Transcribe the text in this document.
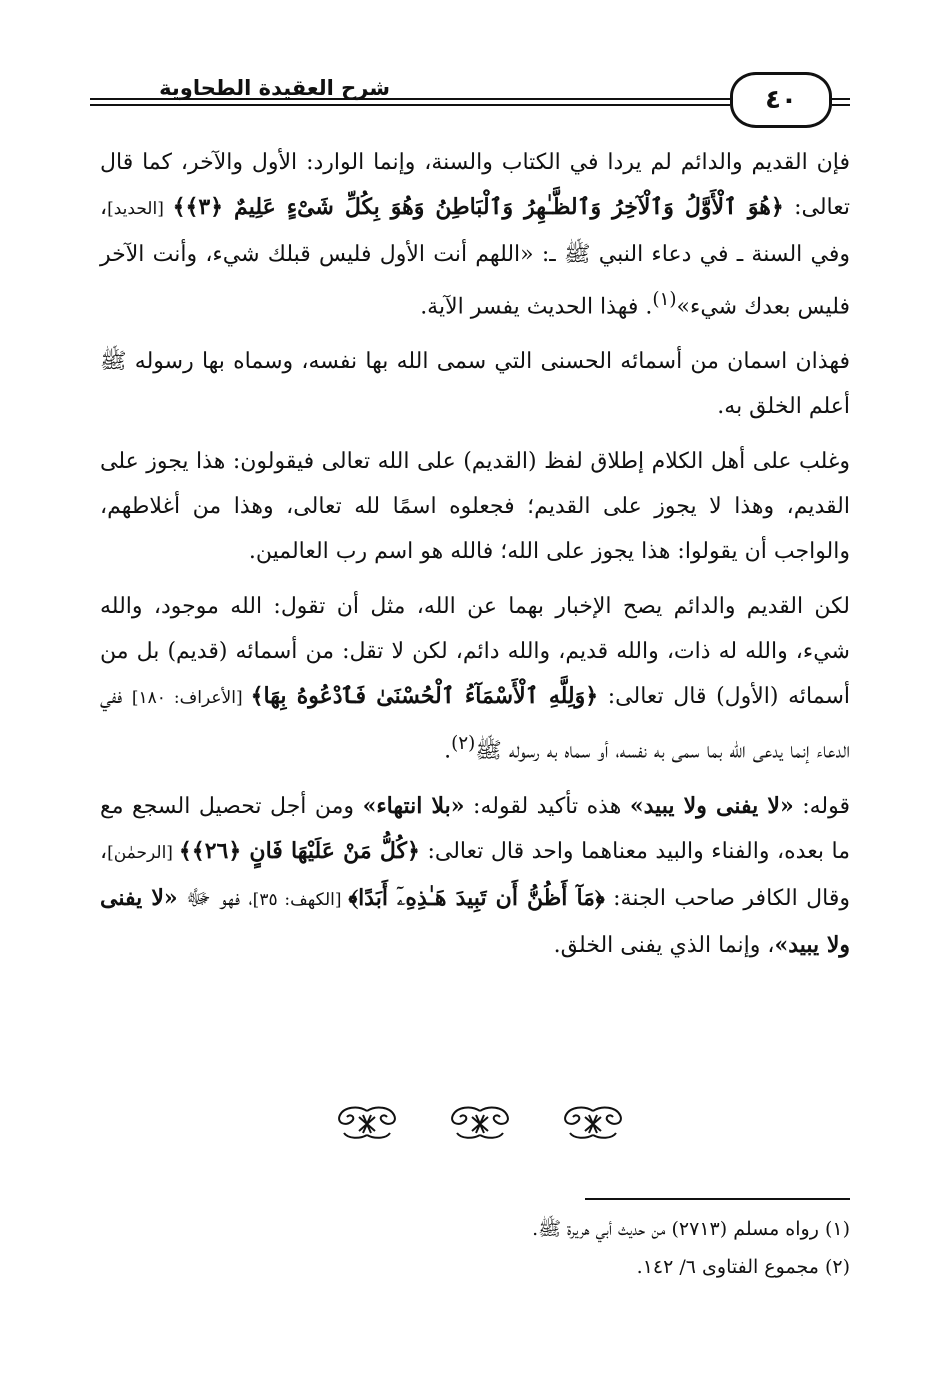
شرح العقيدة الطحاوية	٤٠

فإن القديم والدائم لم يردا في الكتاب والسنة، وإنما الوارد: الأول والآخر، كما قال تعالى: ﴿هُوَ ٱلْأَوَّلُ وَٱلْآخِرُ وَٱلظَّـٰهِرُ وَٱلْبَاطِنُ وَهُوَ بِكُلِّ شَىْءٍ عَلِيمٌ ﴿٣﴾﴾ [الحديد]، وفي السنة ـ في دعاء النبي ﷺ ـ: «اللهم أنت الأول فليس قبلك شيء، وأنت الآخر فليس بعدك شيء»$^{(١)}$. فهذا الحديث يفسر الآية.

فهذان اسمان من أسمائه الحسنى التي سمى الله بها نفسه، وسماه بها رسوله ﷺ أعلم الخلق به.

وغلب على أهل الكلام إطلاق لفظ (القديم) على الله تعالى فيقولون: هذا يجوز على القديم، وهذا لا يجوز على القديم؛ فجعلوه اسمًا لله تعالى، وهذا من أغلاطهم، والواجب أن يقولوا: هذا يجوز على الله؛ فالله هو اسم رب العالمين.

لكن القديم والدائم يصح الإخبار بهما عن الله، مثل أن تقول: الله موجود، والله شيء، والله له ذات، والله قديم، والله دائم، لكن لا تقل: من أسمائه (قديم) بل من أسمائه (الأول) قال تعالى: ﴿وَلِلَّهِ ٱلْأَسْمَآءُ ٱلْحُسْنَىٰ فَٱدْعُوهُ بِهَا﴾ [الأعراف: ١٨٠] ففي الدعاء إنما يدعى الله بما سمى به نفسه، أو سماه به رسوله ﷺ$^{(٢)}$.

قوله: «لا يفنى ولا يبيد» هذه تأكيد لقوله: «بلا انتهاء» ومن أجل تحصيل السجع مع ما بعده، والفناء والبيد معناهما واحد قال تعالى: ﴿كُلُّ مَنْ عَلَيْهَا فَانٍ ﴿٢٦﴾﴾ [الرحمٰن]، وقال الكافر صاحب الجنة: ﴿مَآ أَظُنُّ أَن تَبِيدَ هَـٰذِهِۦٓ أَبَدًا﴾ [الكهف: ٣٥]، فهو ﷻ «لا يفنى ولا يبيد»، وإنما الذي يفنى الخلق.

(١) رواه مسلم (٢٧١٣) من حديث أبي هريرة ﷺ.
(٢) مجموع الفتاوى ٦/ ١٤٢.
